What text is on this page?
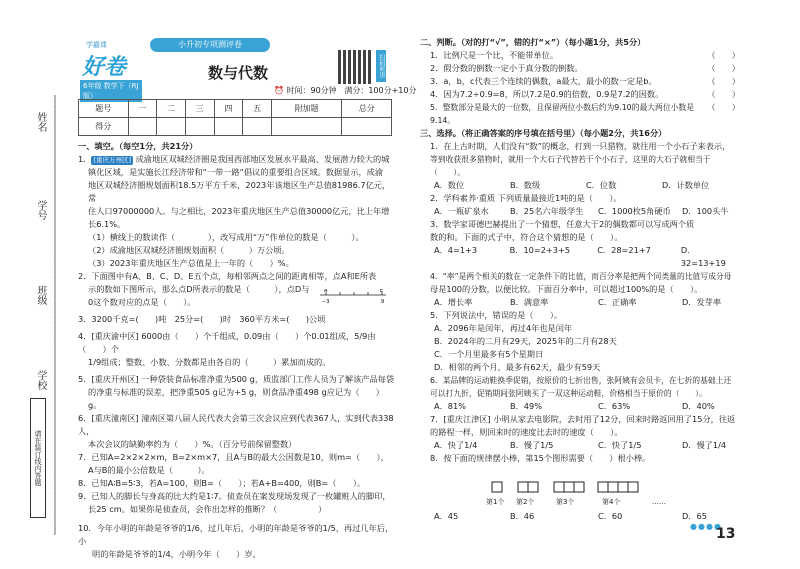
姓名
学号
班级
学校
请在装订线内答题
学霸课
好卷
6年级 数学下（RJ版）
小升初专项测评卷
数与代数	扫码听讲
⏰ 时间：90分钟 满分：100分+10分
题号	一	二	三	四	五	附加题	总分
得分							
一、填空。（每空1分，共21分）
1． [重庆万州区] 成渝地区双城经济圈是我国西部地区发展水平最高、发展潜力较大的城
镇化区域，是实施长江经济带和“一带一路”倡议的重要组合区域。数据显示，成渝
地区双城经济圈规划面积18.5万平方千米，2023年该地区生产总值81986.7亿元，常
住人口97000000人。与之相比，2023年重庆地区生产总值30000亿元，比上年增
长6.1%。
（1）横线上的数读作（　　　　），改写成用“万”作单位的数是（　　　）。
（2）成渝地区双城经济圈规划面积（　　　）万公顷。
（3）2023年重庆地区生产总值是上一年的（　　）%。
2．下面图中有A、B、C、D、E五个点，每相邻两点之间的距离相等，点A和E所表
示的数如下图所示，那么点D所表示的数是（　　　），点D与
0这个数对应的点是（　　）。
3．3200千克=(　　)吨　25分=(　　)时　360平方米=(　　)公顷
4．[重庆渝中区] 6000由（　　）个千组成，0.09由（　　）个0.01组成，5/9由（　　）个
1/9组成；整数、小数、分数都是由各自的（　　　）累加而成的。
5．[重庆开州区] 一种袋装食品标准净重为500 g，质监部门工作人员为了解该产品每袋
的净重与标准的误差，把净重505 g记为+5 g，则食品净重498 g应记为（　　）g。
6．[重庆潼南区] 潼南区第八届人民代表大会第三次会议应到代表367人，实到代表338人，
本次会议的缺勤率约为（　　）%。（百分号前保留整数）
7．已知A=2×2×2×m，B=2×m×7，且A与B的最大公因数是10，则m=（　　），
A与B的最小公倍数是（　　　）。
8．已知A∶B=5∶3，若A=100，则B=（　　）；若A+B=400，则B=（　　）。
9．已知人的脚长与身高的比大约是1∶7。侦查员在案发现场发现了一枚罐赃人的脚印，
长25 cm。如果你是侦查员，会作出怎样的推断？（　　　　　）
10．今年小明的年龄是爷爷的1/6，过几年后，小明的年龄是爷爷的1/5，再过几年后，小
明的年龄是爷爷的1/4，小明今年（　　）岁。
A	E
−3	9
二、判断。（对的打“√”，错的打“×”）（每小题1分，共5分）
1．比例尺是一个比，不能带单位。	（　　）
2．假分数的倒数一定小于真分数的倒数。	（　　）
3．a，b，c代表三个连续的偶数，a最大，最小的数一定是b。	（　　）
4．因为7.2÷0.9=8，所以7.2是0.9的倍数，0.9是7.2的因数。	（　　）
5．整数部分是最大的一位数，且保留两位小数后约为9.10的最大两位小数是9.14。
（　　）
三、选择。（将正确答案的序号填在括号里）（每小题2分，共16分）
1．在上古时期，人们没有“数”的概念，打到一只猎物，就往用一个小石子来表示，
等到收获很多猎物时，就用一个大石子代替若干个小石子，这里的大石子就相当于（　　）。
A．数位	B．数级	C．位数	D．计数单位
2．学科素养·重质 下列质量最接近1吨的是（　　）。
A．一瓶矿泉水	B．25名六年级学生	C．1000枚5角硬币	D．100头牛
3．数学家哥德巴赫提出了一个猜想，任意大于2的偶数都可以写成两个质
数的和。下面的式子中，符合这个猜想的是（　　）。
A．4=1+3	B．10=2+3+5	C．28=21+7	D．32=13+19
4．“率”是两个相关的数在一定条件下的比值，而百分率是把两个同类量的比值写成分母
母是100的分数，以便比较。下面百分率中，可以超过100%的是（　　）。
A．增长率	B．满意率	C．正确率	D．发芽率
5．下列说法中，错误的是（　　）。
A．2096年是闰年，再过4年也是闰年
B．2024年的二月有29天，2025年的二月有28天
C．一个月里最多有5个星期日
D．相邻的两个月，最多有62天，最少有59天
6．某品牌的运动鞋换季促销，按原价的七折出售，张阿姨有会员卡，在七折的基础上还
可以打九折，促销期间张阿姨买了一双这种运动鞋，价格相当于原价的（　　）。
A．81%	B．49%	C．63%	D．40%
7．[重庆江津区] 小明从家去电影院，去时用了12分，回来时路返回用了15分，往返
的路程一样，则回来时的速度比去时的速度（　　）。
A．快了1/4	B．慢了1/5	C．快了1/5	D．慢了1/4
8．按下面的规律摆小棒，第15个图形需要（　　）根小棒。
第1个	第2个	第3个	第4个	……
A．45	B．46	C．60	D．65
●●●●
13
